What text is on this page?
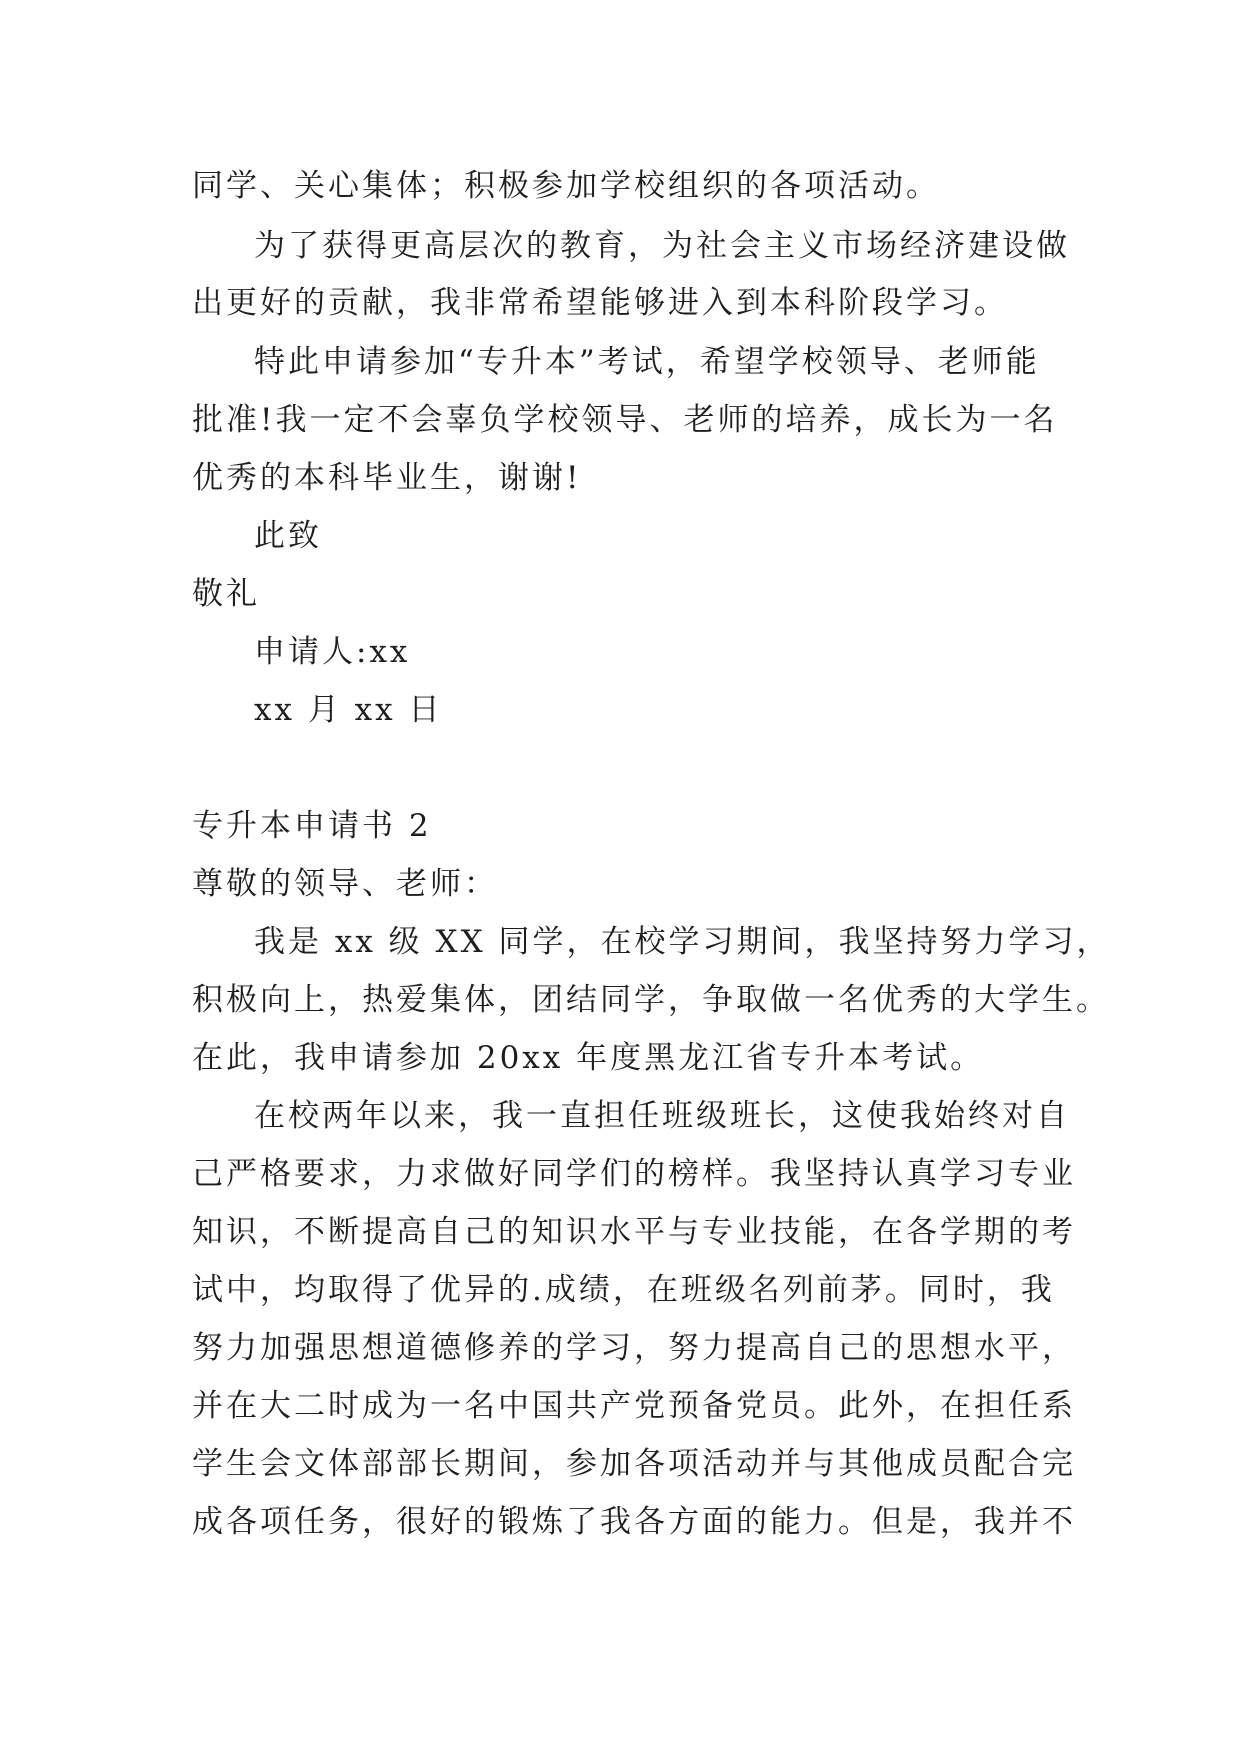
同学、关心集体；积极参加学校组织的各项活动。
为了获得更高层次的教育，为社会主义市场经济建设做
出更好的贡献，我非常希望能够进入到本科阶段学习。
特此申请参加“专升本”考试，希望学校领导、老师能
批准!我一定不会辜负学校领导、老师的培养，成长为一名
优秀的本科毕业生，谢谢!
此致
敬礼
申请人:xx
xx 月 xx 日
专升本申请书 2
尊敬的领导、老师：
我是 xx 级 XX 同学，在校学习期间，我坚持努力学习，
积极向上，热爱集体，团结同学，争取做一名优秀的大学生。
在此，我申请参加 20xx 年度黑龙江省专升本考试。
在校两年以来，我一直担任班级班长，这使我始终对自
己严格要求，力求做好同学们的榜样。我坚持认真学习专业
知识，不断提高自己的知识水平与专业技能，在各学期的考
试中，均取得了优异的.成绩，在班级名列前茅。同时，我
努力加强思想道德修养的学习，努力提高自己的思想水平，
并在大二时成为一名中国共产党预备党员。此外，在担任系
学生会文体部部长期间，参加各项活动并与其他成员配合完
成各项任务，很好的锻炼了我各方面的能力。但是，我并不
